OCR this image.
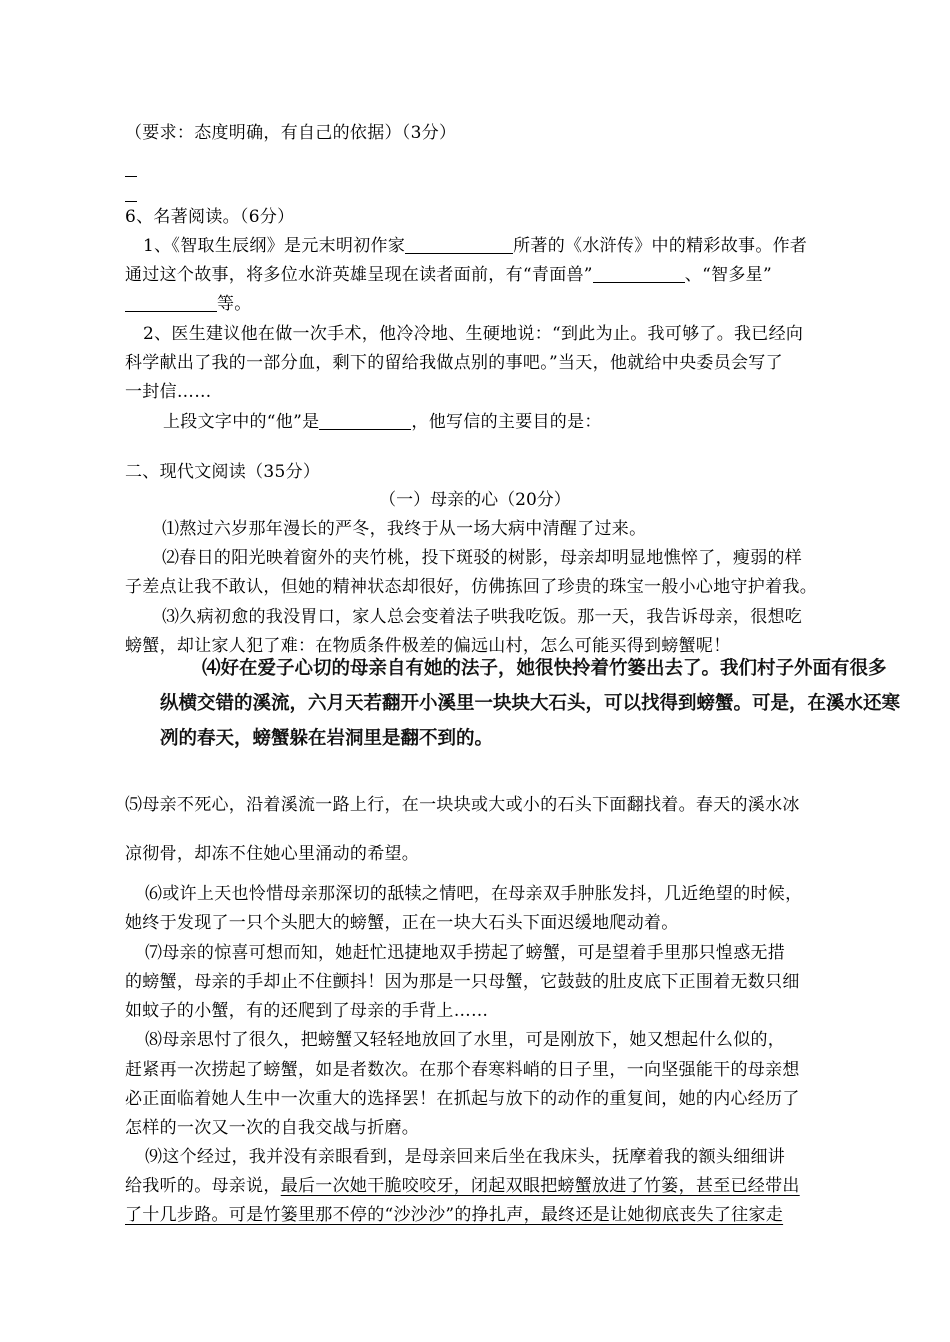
（要求：态度明确，有自己的依据）（3分）
6、名著阅读。（6分）
1、《智取生辰纲》是元末明初作家	所著的《水浒传》中的精彩故事。作者
通过这个故事，将多位水浒英雄呈现在读者面前，有“青面兽”	、“智多星”
等。
2、医生建议他在做一次手术，他冷冷地、生硬地说：“到此为止。我可够了。我已经向
科学献出了我的一部分血，剩下的留给我做点别的事吧。”当天，他就给中央委员会写了
一封信……
上段文字中的“他”是	，他写信的主要目的是：
二、现代文阅读（35分）
（一）母亲的心（20分）
⑴熬过六岁那年漫长的严冬，我终于从一场大病中清醒了过来。
⑵春日的阳光映着窗外的夹竹桃，投下斑驳的树影，母亲却明显地憔悴了，瘦弱的样
子差点让我不敢认，但她的精神状态却很好，仿佛拣回了珍贵的珠宝一般小心地守护着我。
⑶久病初愈的我没胃口，家人总会变着法子哄我吃饭。那一天，我告诉母亲，很想吃
螃蟹，却让家人犯了难：在物质条件极差的偏远山村，怎么可能买得到螃蟹呢！
⑷好在爱子心切的母亲自有她的法子，她很快拎着竹篓出去了。我们村子外面有很多
纵横交错的溪流，六月天若翻开小溪里一块块大石头，可以找得到螃蟹。可是，在溪水还寒
冽的春天，螃蟹躲在岩洞里是翻不到的。
⑸母亲不死心，沿着溪流一路上行，在一块块或大或小的石头下面翻找着。春天的溪水冰
凉彻骨，却冻不住她心里涌动的希望。
⑹或许上天也怜惜母亲那深切的舐犊之情吧，在母亲双手肿胀发抖，几近绝望的时候，
她终于发现了一只个头肥大的螃蟹，正在一块大石头下面迟缓地爬动着。
⑺母亲的惊喜可想而知，她赶忙迅捷地双手捞起了螃蟹，可是望着手里那只惶惑无措
的螃蟹，母亲的手却止不住颤抖！因为那是一只母蟹，它鼓鼓的肚皮底下正围着无数只细
如蚊子的小蟹，有的还爬到了母亲的手背上……
⑻母亲思忖了很久，把螃蟹又轻轻地放回了水里，可是刚放下，她又想起什么似的，
赶紧再一次捞起了螃蟹，如是者数次。在那个春寒料峭的日子里，一向坚强能干的母亲想
必正面临着她人生中一次重大的选择罢！在抓起与放下的动作的重复间，她的内心经历了
怎样的一次又一次的自我交战与折磨。
⑼这个经过，我并没有亲眼看到，是母亲回来后坐在我床头，抚摩着我的额头细细讲
给我听的。母亲说，最后一次她干脆咬咬牙，闭起双眼把螃蟹放进了竹篓，甚至已经带出
了十几步路。可是竹篓里那不停的“沙沙沙”的挣扎声，最终还是让她彻底丧失了往家走
